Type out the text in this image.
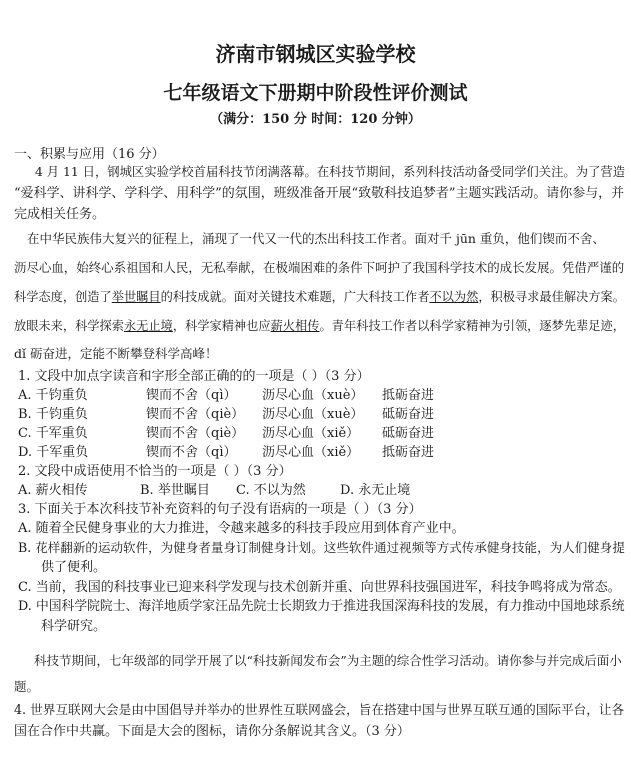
济南市钢城区实验学校
七年级语文下册期中阶段性评价测试
（满分：150 分 时间：120 分钟）
一、积累与应用（16 分）
4 月 11 日，钢城区实验学校首届科技节闭满落幕。在科技节期间，系列科技活动备受同学们关注。为了营造
“爱科学、讲科学、学科学、用科学”的氛围，班级准备开展“致敬科技追梦者”主题实践活动。请你参与，并
完成相关任务。
在中华民族伟大复兴的征程上，涌现了一代又一代的杰出科技工作者。面对千 jūn 重负，他们锲而不舍、
沥尽心血，始终心系祖国和人民，无私奉献，在极端困难的条件下呵护了我国科学技术的成长发展。凭借严谨的
科学态度，创造了举世瞩目的科技成就。面对关键技术难题，广大科技工作者不以为然，积极寻求最佳解决方案。
放眼未来，科学探索永无止境，科学家精神也应薪火相传。青年科技工作者以科学家精神为引领，逐梦先辈足迹，
dǐ 砺奋进，定能不断攀登科学高峰！
1. 文段中加点字读音和字形全部正确的的一项是（ ）（3 分）
A. 千钧重负	锲而不舍（qì） 沥尽心血（xuè） 抵砺奋进
B. 千钧重负	锲而不舍（qiè） 沥尽心血（xuè） 砥砺奋进
C. 千军重负	锲而不舍（qiè） 沥尽心血（xiě） 砥砺奋进
D. 千军重负	锲而不舍（qì） 沥尽心血（xiě） 抵砺奋进
2. 文段中成语使用不恰当的一项是（ ）（3 分）
A. 薪火相传	B. 举世瞩目 C. 不以为然	D. 永无止境
3. 下面关于本次科技节补充资料的句子没有语病的一项是（ ）（3 分）
A. 随着全民健身事业的大力推进，令越来越多的科技手段应用到体育产业中。
B. 花样翻新的运动软件，为健身者量身订制健身计划。这些软件通过视频等方式传承健身技能，为人们健身提
供了便利。
C. 当前，我国的科技事业已迎来科学发现与技术创新并重、向世界科技强国进军，科技争鸣将成为常态。
D. 中国科学院院士、海洋地质学家汪品先院士长期致力于推进我国深海科技的发展，有力推动中国地球系统
科学研究。
科技节期间，七年级部的同学开展了以“科技新闻发布会”为主题的综合性学习活动。请你参与并完成后面小
题。
4. 世界互联网大会是由中国倡导并举办的世界性互联网盛会，旨在搭建中国与世界互联互通的国际平台，让各
国在合作中共赢。下面是大会的图标，请你分条解说其含义。（3 分）
